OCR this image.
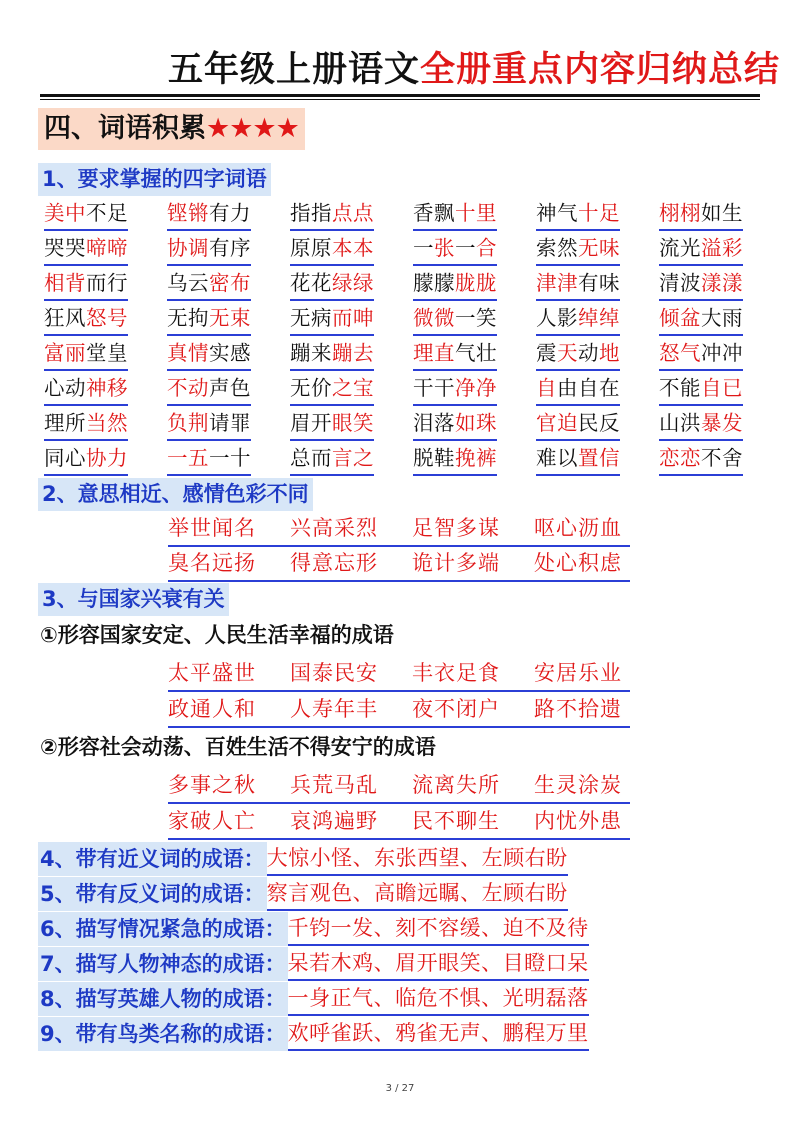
五年级上册语文全册重点内容归纳总结
四、词语积累★★★★
1、要求掌握的四字词语
美中不足 铿锵有力 指指点点 香飘十里 神气十足 栩栩如生
哭哭啼啼 协调有序 原原本本 一张一合 索然无味 流光溢彩
相背而行 乌云密布 花花绿绿 朦朦胧胧 津津有味 清波漾漾
狂风怒号 无拘无束 无病而呻 微微一笑 人影绰绰 倾盆大雨
富丽堂皇 真情实感 蹦来蹦去 理直气壮 震天动地 怒气冲冲
心动神移 不动声色 无价之宝 干干净净 自由自在 不能自已
理所当然 负荆请罪 眉开眼笑 泪落如珠 官迫民反 山洪暴发
同心协力 一五一十 总而言之 脱鞋挽裤 难以置信 恋恋不舍
2、意思相近、感情色彩不同
举世闻名 兴高采烈 足智多谋 呕心沥血
臭名远扬 得意忘形 诡计多端 处心积虑
3、与国家兴衰有关
①形容国家安定、人民生活幸福的成语
太平盛世 国泰民安 丰衣足食 安居乐业
政通人和 人寿年丰 夜不闭户 路不拾遗
②形容社会动荡、百姓生活不得安宁的成语
多事之秋 兵荒马乱 流离失所 生灵涂炭
家破人亡 哀鸿遍野 民不聊生 内忧外患
4、带有近义词的成语：大惊小怪、东张西望、左顾右盼
5、带有反义词的成语：察言观色、高瞻远瞩、左顾右盼
6、描写情况紧急的成语：千钧一发、刻不容缓、迫不及待
7、描写人物神态的成语：呆若木鸡、眉开眼笑、目瞪口呆
8、描写英雄人物的成语：一身正气、临危不惧、光明磊落
9、带有鸟类名称的成语：欢呼雀跃、鸦雀无声、鹏程万里
3 / 27
